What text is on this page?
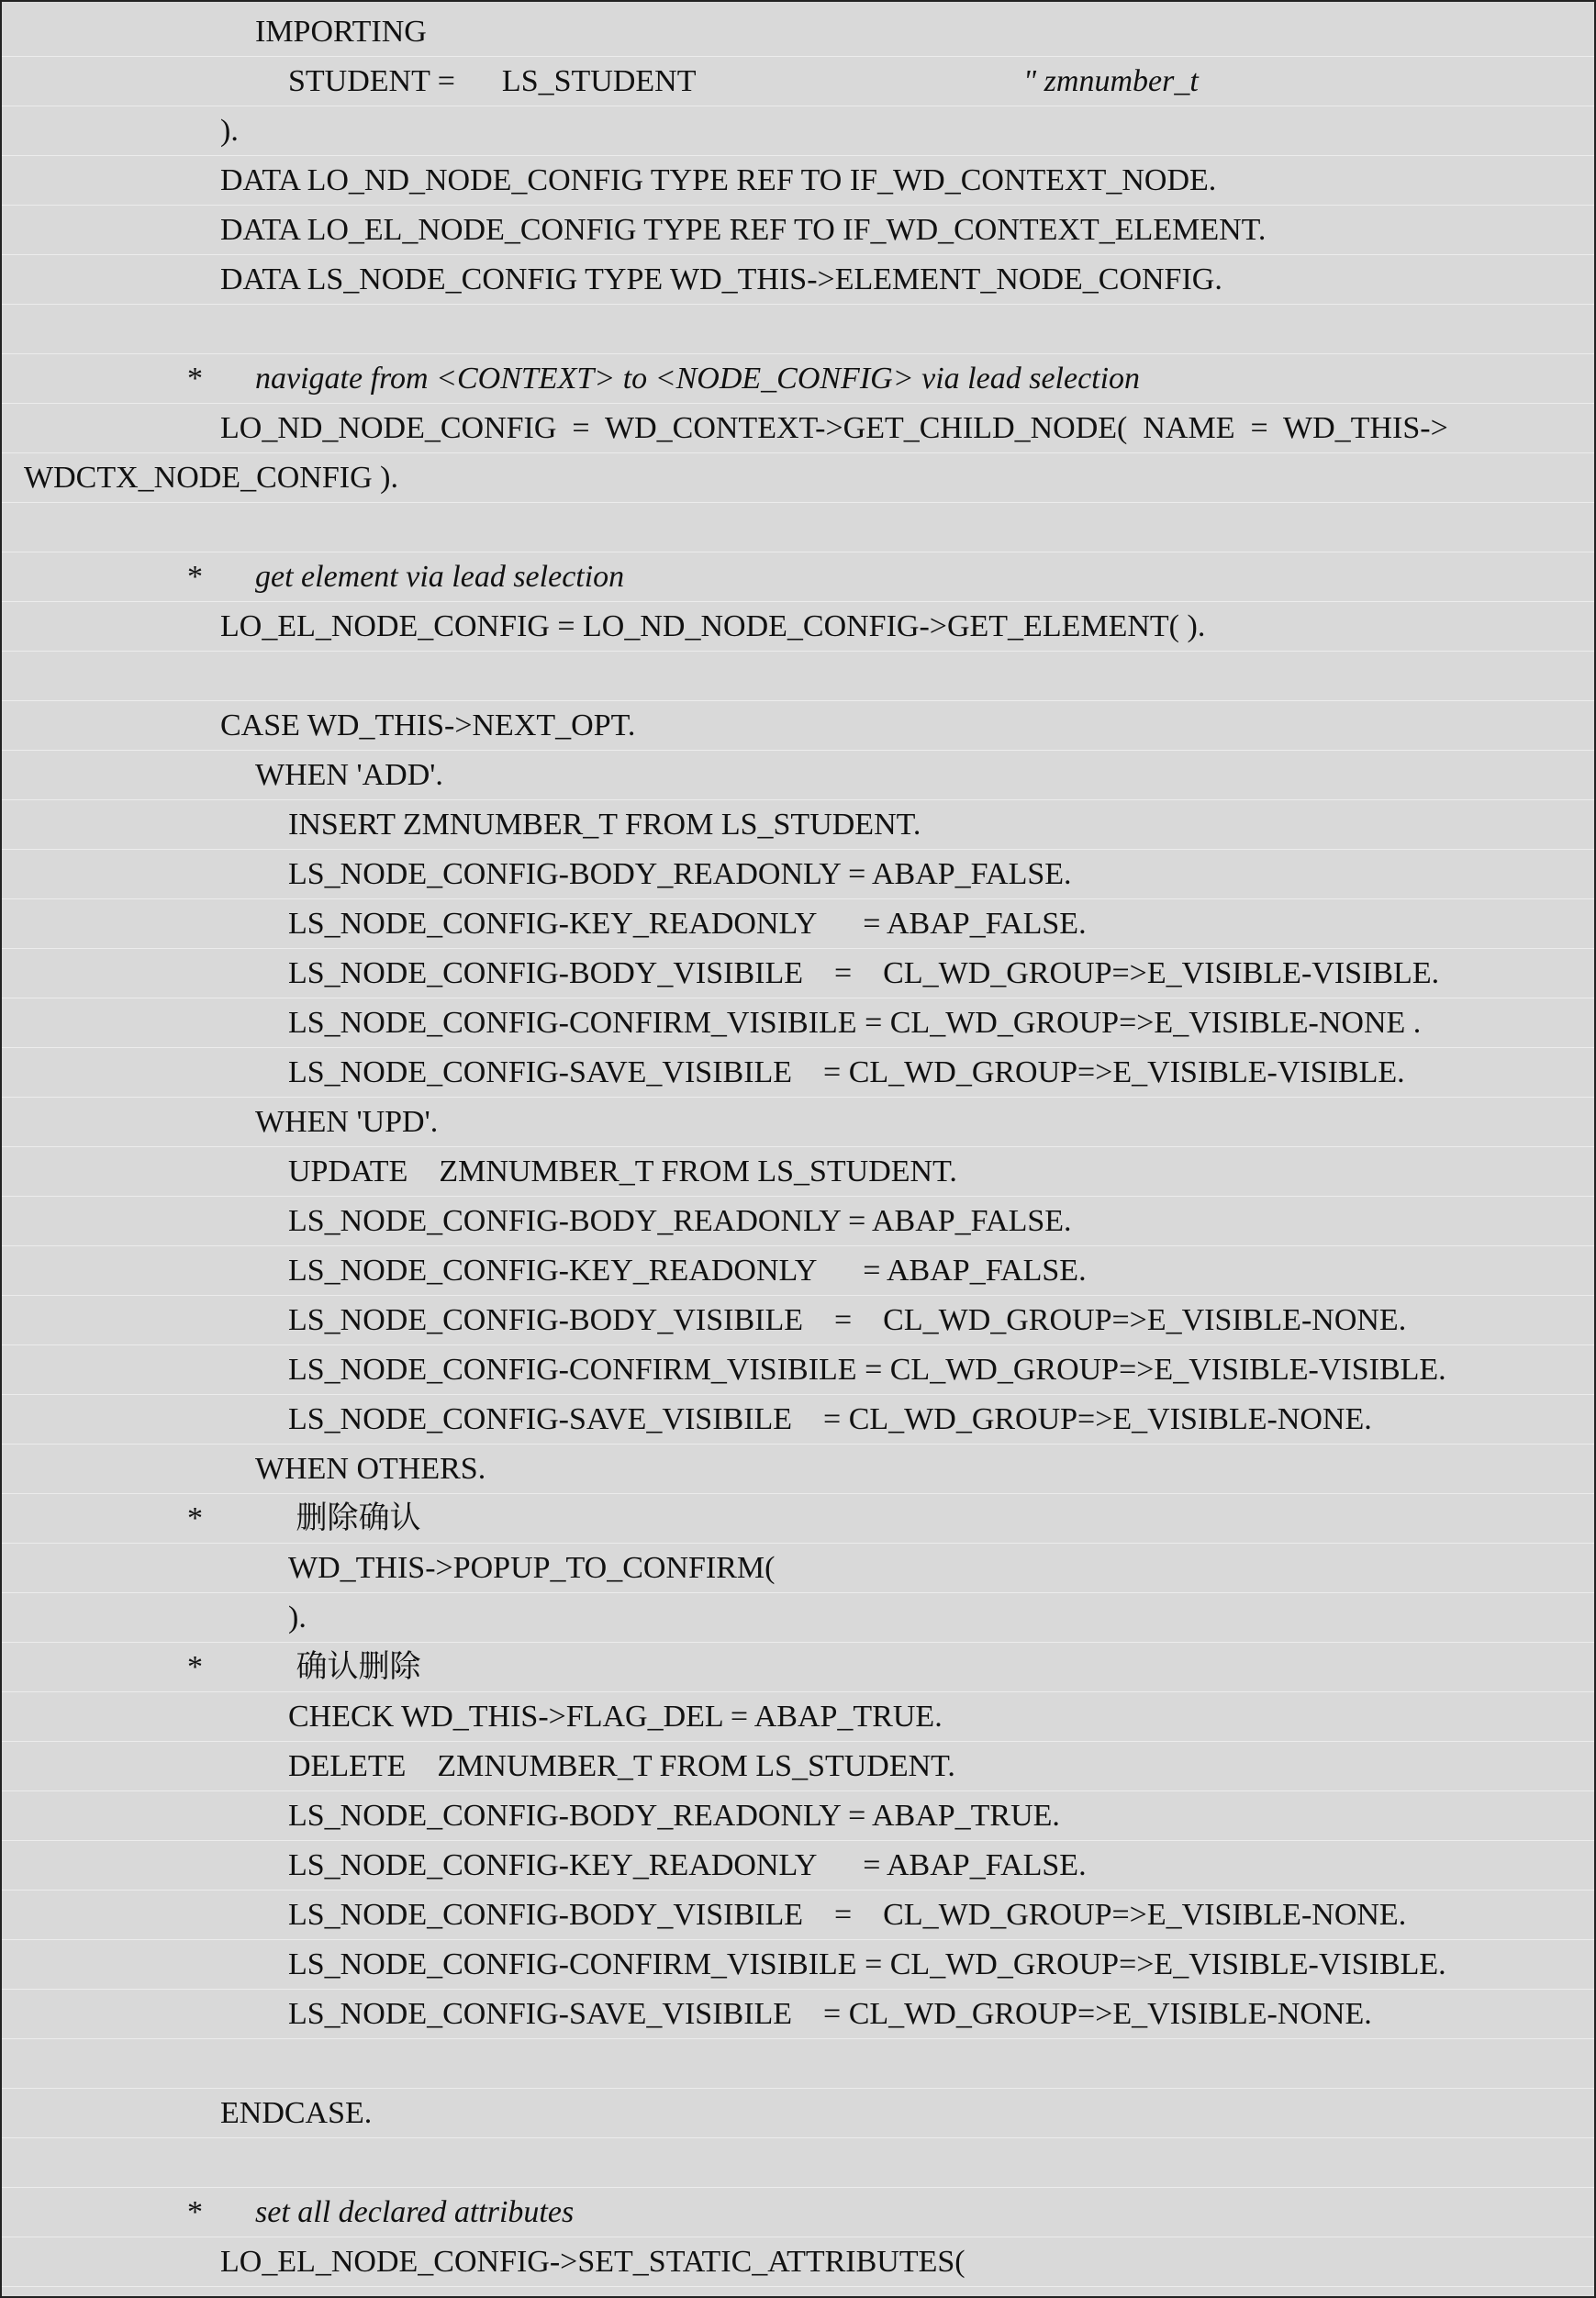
IMPORTING
STUDENT =      LS_STUDENT                                          " zmnumber_t
).
DATA LO_ND_NODE_CONFIG TYPE REF TO IF_WD_CONTEXT_NODE.
DATA LO_EL_NODE_CONFIG TYPE REF TO IF_WD_CONTEXT_ELEMENT.
DATA LS_NODE_CONFIG TYPE WD_THIS->ELEMENT_NODE_CONFIG.
* navigate from <CONTEXT> to <NODE_CONFIG> via lead selection
LO_ND_NODE_CONFIG  =  WD_CONTEXT->GET_CHILD_NODE(  NAME  =  WD_THIS->
WDCTX_NODE_CONFIG ).
* get element via lead selection
LO_EL_NODE_CONFIG = LO_ND_NODE_CONFIG->GET_ELEMENT( ).
CASE WD_THIS->NEXT_OPT.
WHEN 'ADD'.
INSERT ZMNUMBER_T FROM LS_STUDENT.
LS_NODE_CONFIG-BODY_READONLY = ABAP_FALSE.
LS_NODE_CONFIG-KEY_READONLY      = ABAP_FALSE.
LS_NODE_CONFIG-BODY_VISIBILE    =    CL_WD_GROUP=>E_VISIBLE-VISIBLE.
LS_NODE_CONFIG-CONFIRM_VISIBILE = CL_WD_GROUP=>E_VISIBLE-NONE .
LS_NODE_CONFIG-SAVE_VISIBILE    = CL_WD_GROUP=>E_VISIBLE-VISIBLE.
WHEN 'UPD'.
UPDATE    ZMNUMBER_T FROM LS_STUDENT.
LS_NODE_CONFIG-BODY_READONLY = ABAP_FALSE.
LS_NODE_CONFIG-KEY_READONLY      = ABAP_FALSE.
LS_NODE_CONFIG-BODY_VISIBILE    =    CL_WD_GROUP=>E_VISIBLE-NONE.
LS_NODE_CONFIG-CONFIRM_VISIBILE = CL_WD_GROUP=>E_VISIBLE-VISIBLE.
LS_NODE_CONFIG-SAVE_VISIBILE    = CL_WD_GROUP=>E_VISIBLE-NONE.
WHEN OTHERS.
*	删除确认
WD_THIS->POPUP_TO_CONFIRM(
).
*	确认删除
CHECK WD_THIS->FLAG_DEL = ABAP_TRUE.
DELETE    ZMNUMBER_T FROM LS_STUDENT.
LS_NODE_CONFIG-BODY_READONLY = ABAP_TRUE.
LS_NODE_CONFIG-KEY_READONLY      = ABAP_FALSE.
LS_NODE_CONFIG-BODY_VISIBILE    =    CL_WD_GROUP=>E_VISIBLE-NONE.
LS_NODE_CONFIG-CONFIRM_VISIBILE = CL_WD_GROUP=>E_VISIBLE-VISIBLE.
LS_NODE_CONFIG-SAVE_VISIBILE    = CL_WD_GROUP=>E_VISIBLE-NONE.
ENDCASE.
* set all declared attributes
LO_EL_NODE_CONFIG->SET_STATIC_ATTRIBUTES(
